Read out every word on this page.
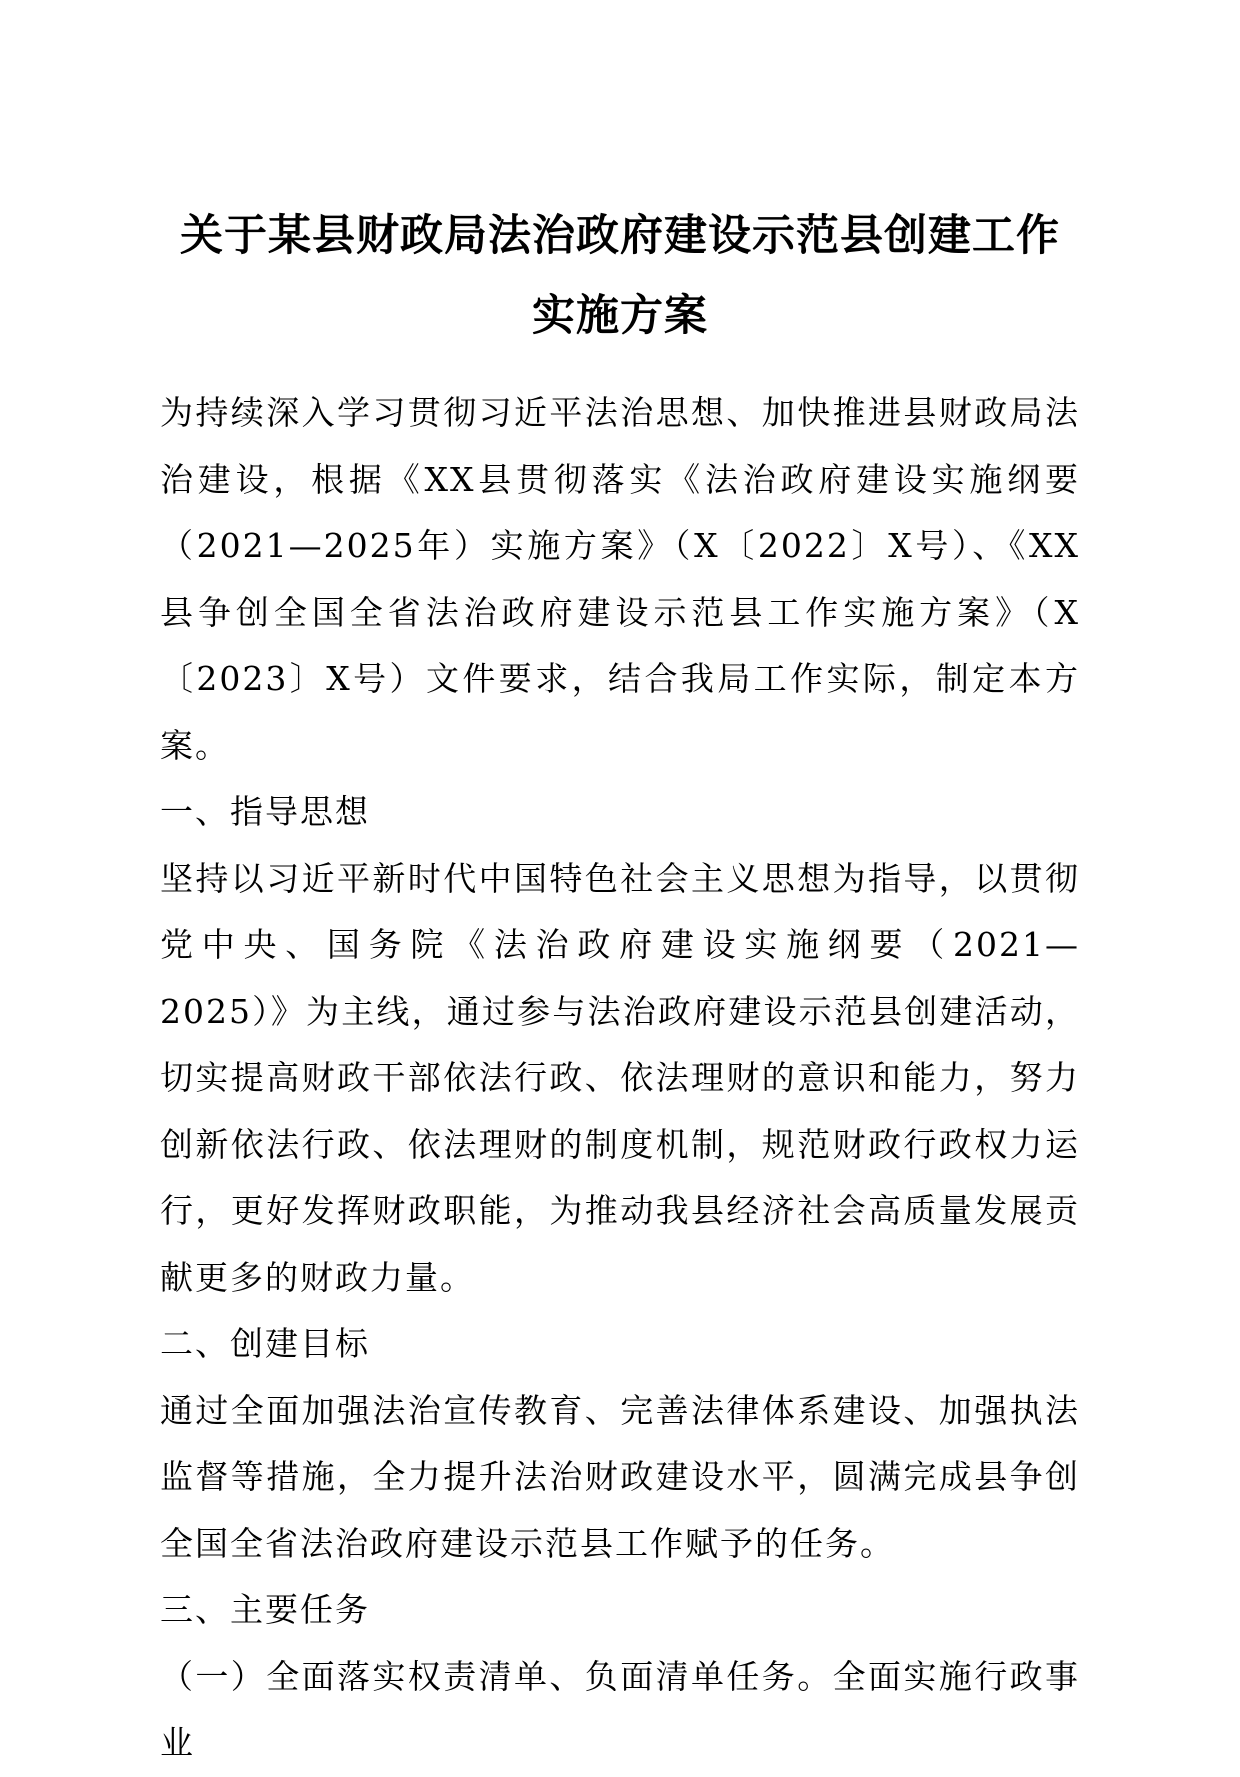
关于某县财政局法治政府建设示范县创建工作
实施方案

为持续深入学习贯彻习近平法治思想、加快推进县财政局法治建设，根据《XX县贯彻落实《法治政府建设实施纲要（2021—2025年）实施方案》（X〔2022〕X号）、《XX县争创全国全省法治政府建设示范县工作实施方案》（X〔2023〕X号）文件要求，结合我局工作实际，制定本方案。

一、指导思想

坚持以习近平新时代中国特色社会主义思想为指导，以贯彻党中央、国务院《法治政府建设实施纲要（2021—2025）》为主线，通过参与法治政府建设示范县创建活动，切实提高财政干部依法行政、依法理财的意识和能力，努力创新依法行政、依法理财的制度机制，规范财政行政权力运行，更好发挥财政职能，为推动我县经济社会高质量发展贡献更多的财政力量。

二、创建目标

通过全面加强法治宣传教育、完善法律体系建设、加强执法监督等措施，全力提升法治财政建设水平，圆满完成县争创全国全省法治政府建设示范县工作赋予的任务。

三、主要任务

（一）全面落实权责清单、负面清单任务。全面实施行政事业
